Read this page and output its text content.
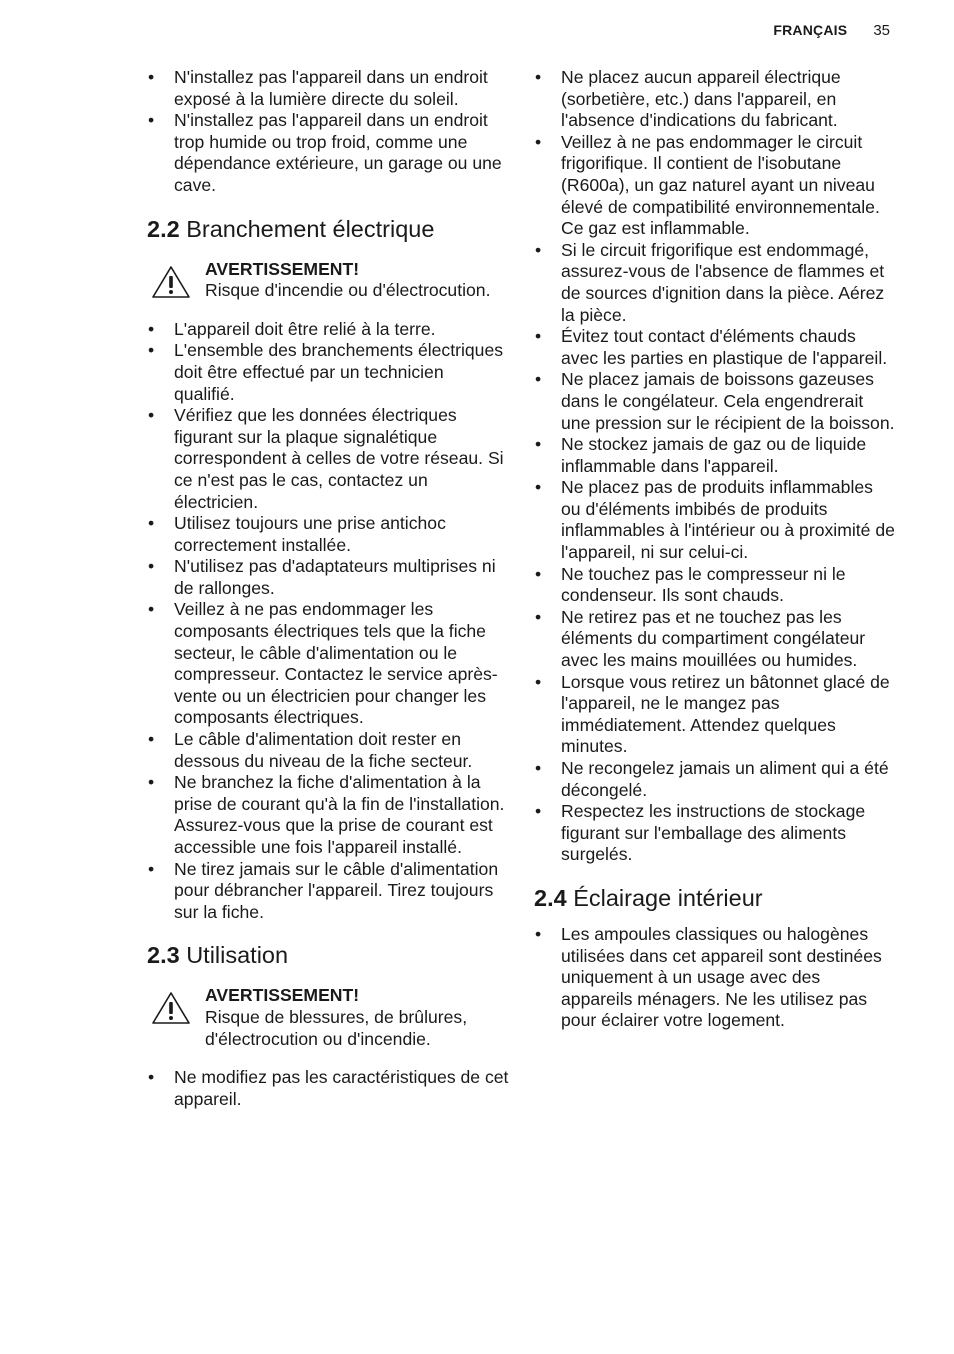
FRANÇAIS 35
• N'installez pas l'appareil dans un endroit exposé à la lumière directe du soleil.
• N'installez pas l'appareil dans un endroit trop humide ou trop froid, comme une dépendance extérieure, un garage ou une cave.
2.2 Branchement électrique
AVERTISSEMENT!
Risque d'incendie ou d'électrocution.
• L'appareil doit être relié à la terre.
• L'ensemble des branchements électriques doit être effectué par un technicien qualifié.
• Vérifiez que les données électriques figurant sur la plaque signalétique correspondent à celles de votre réseau. Si ce n'est pas le cas, contactez un électricien.
• Utilisez toujours une prise antichoc correctement installée.
• N'utilisez pas d'adaptateurs multiprises ni de rallonges.
• Veillez à ne pas endommager les composants électriques tels que la fiche secteur, le câble d'alimentation ou le compresseur. Contactez le service après-vente ou un électricien pour changer les composants électriques.
• Le câble d'alimentation doit rester en dessous du niveau de la fiche secteur.
• Ne branchez la fiche d'alimentation à la prise de courant qu'à la fin de l'installation. Assurez-vous que la prise de courant est accessible une fois l'appareil installé.
• Ne tirez jamais sur le câble d'alimentation pour débrancher l'appareil. Tirez toujours sur la fiche.
2.3 Utilisation
AVERTISSEMENT!
Risque de blessures, de brûlures, d'électrocution ou d'incendie.
• Ne modifiez pas les caractéristiques de cet appareil.
• Ne placez aucun appareil électrique (sorbetière, etc.) dans l'appareil, en l'absence d'indications du fabricant.
• Veillez à ne pas endommager le circuit frigorifique. Il contient de l'isobutane (R600a), un gaz naturel ayant un niveau élevé de compatibilité environnementale. Ce gaz est inflammable.
• Si le circuit frigorifique est endommagé, assurez-vous de l'absence de flammes et de sources d'ignition dans la pièce. Aérez la pièce.
• Évitez tout contact d'éléments chauds avec les parties en plastique de l'appareil.
• Ne placez jamais de boissons gazeuses dans le congélateur. Cela engendrerait une pression sur le récipient de la boisson.
• Ne stockez jamais de gaz ou de liquide inflammable dans l'appareil.
• Ne placez pas de produits inflammables ou d'éléments imbibés de produits inflammables à l'intérieur ou à proximité de l'appareil, ni sur celui-ci.
• Ne touchez pas le compresseur ni le condenseur. Ils sont chauds.
• Ne retirez pas et ne touchez pas les éléments du compartiment congélateur avec les mains mouillées ou humides.
• Lorsque vous retirez un bâtonnet glacé de l'appareil, ne le mangez pas immédiatement. Attendez quelques minutes.
• Ne recongelez jamais un aliment qui a été décongelé.
• Respectez les instructions de stockage figurant sur l'emballage des aliments surgelés.
2.4 Éclairage intérieur
• Les ampoules classiques ou halogènes utilisées dans cet appareil sont destinées uniquement à un usage avec des appareils ménagers. Ne les utilisez pas pour éclairer votre logement.
